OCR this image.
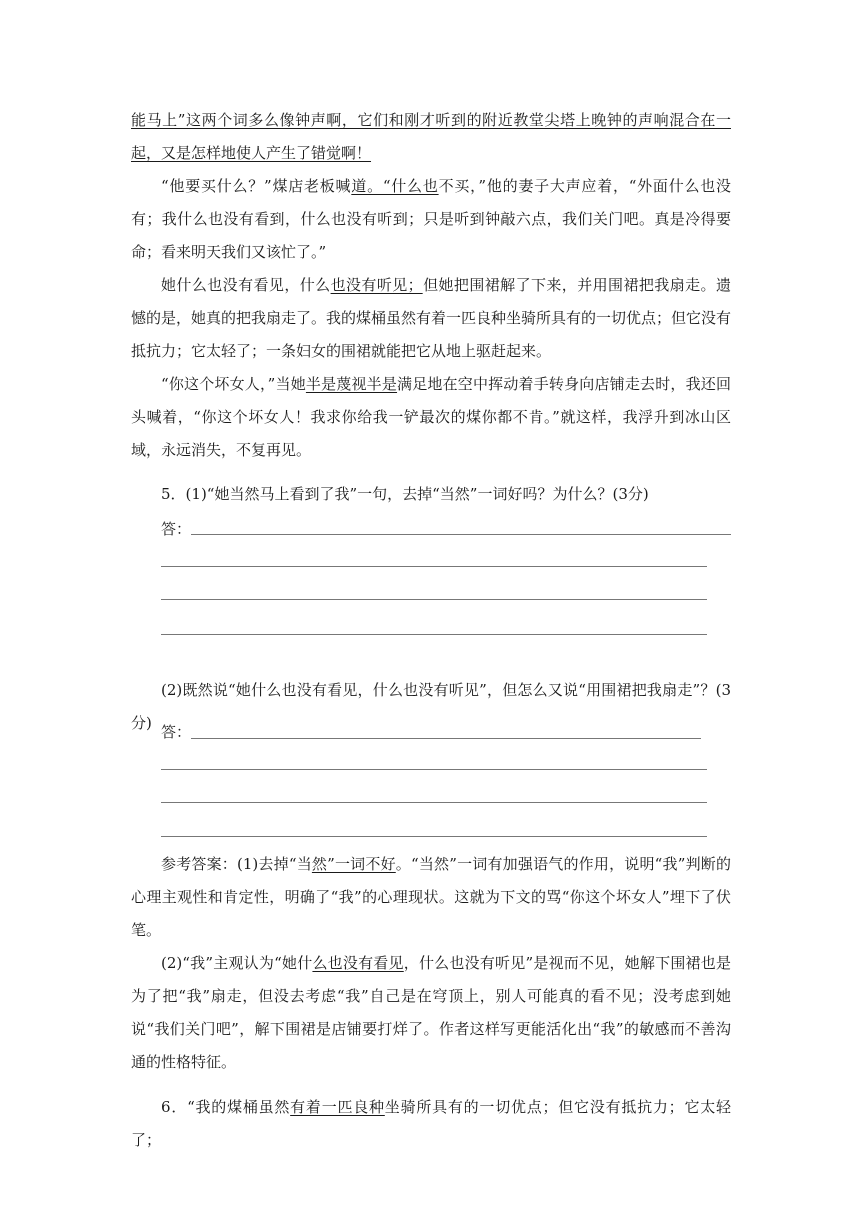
能马上”这两个词多么像钟声啊，它们和刚才听到的附近教堂尖塔上晚钟的声响混合在一起，又是怎样地使人产生了错觉啊！

“他要买什么？”煤店老板喊道。“什么也不买，”他的妻子大声应着，“外面什么也没有；我什么也没有看到，什么也没有听到；只是听到钟敲六点，我们关门吧。真是冷得要命；看来明天我们又该忙了。”

她什么也没有看见，什么也没有听见；但她把围裙解了下来，并用围裙把我扇走。遗憾的是，她真的把我扇走了。我的煤桶虽然有着一匹良种坐骑所具有的一切优点；但它没有抵抗力；它太轻了；一条妇女的围裙就能把它从地上驱赶起来。

“你这个坏女人，”当她半是蔑视半是满足地在空中挥动着手转身向店铺走去时，我还回头喊着，“你这个坏女人！我求你给我一铲最次的煤你都不肯。”就这样，我浮升到冰山区域，永远消失，不复再见。

5．(1)“她当然马上看到了我”一句，去掉“当然”一词好吗？为什么？(3分)

答：

(2)既然说“她什么也没有看见，什么也没有听见”，但怎么又说“用围裙把我扇走”？(3分) 答：

参考答案：(1)去掉“当然”一词不好。“当然”一词有加强语气的作用，说明“我”判断的心理主观性和肯定性，明确了“我”的心理现状。这就为下文的骂“你这个坏女人”埋下了伏笔。

(2)“我”主观认为“她什么也没有看见，什么也没有听见”是视而不见，她解下围裙也是为了把“我”扇走，但没去考虑“我”自己是在穹顶上，别人可能真的看不见；没考虑到她说“我们关门吧”，解下围裙是店铺要打烊了。作者这样写更能活化出“我”的敏感而不善沟通的性格特征。

6．“我的煤桶虽然有着一匹良种坐骑所具有的一切优点；但它没有抵抗力；它太轻了；
